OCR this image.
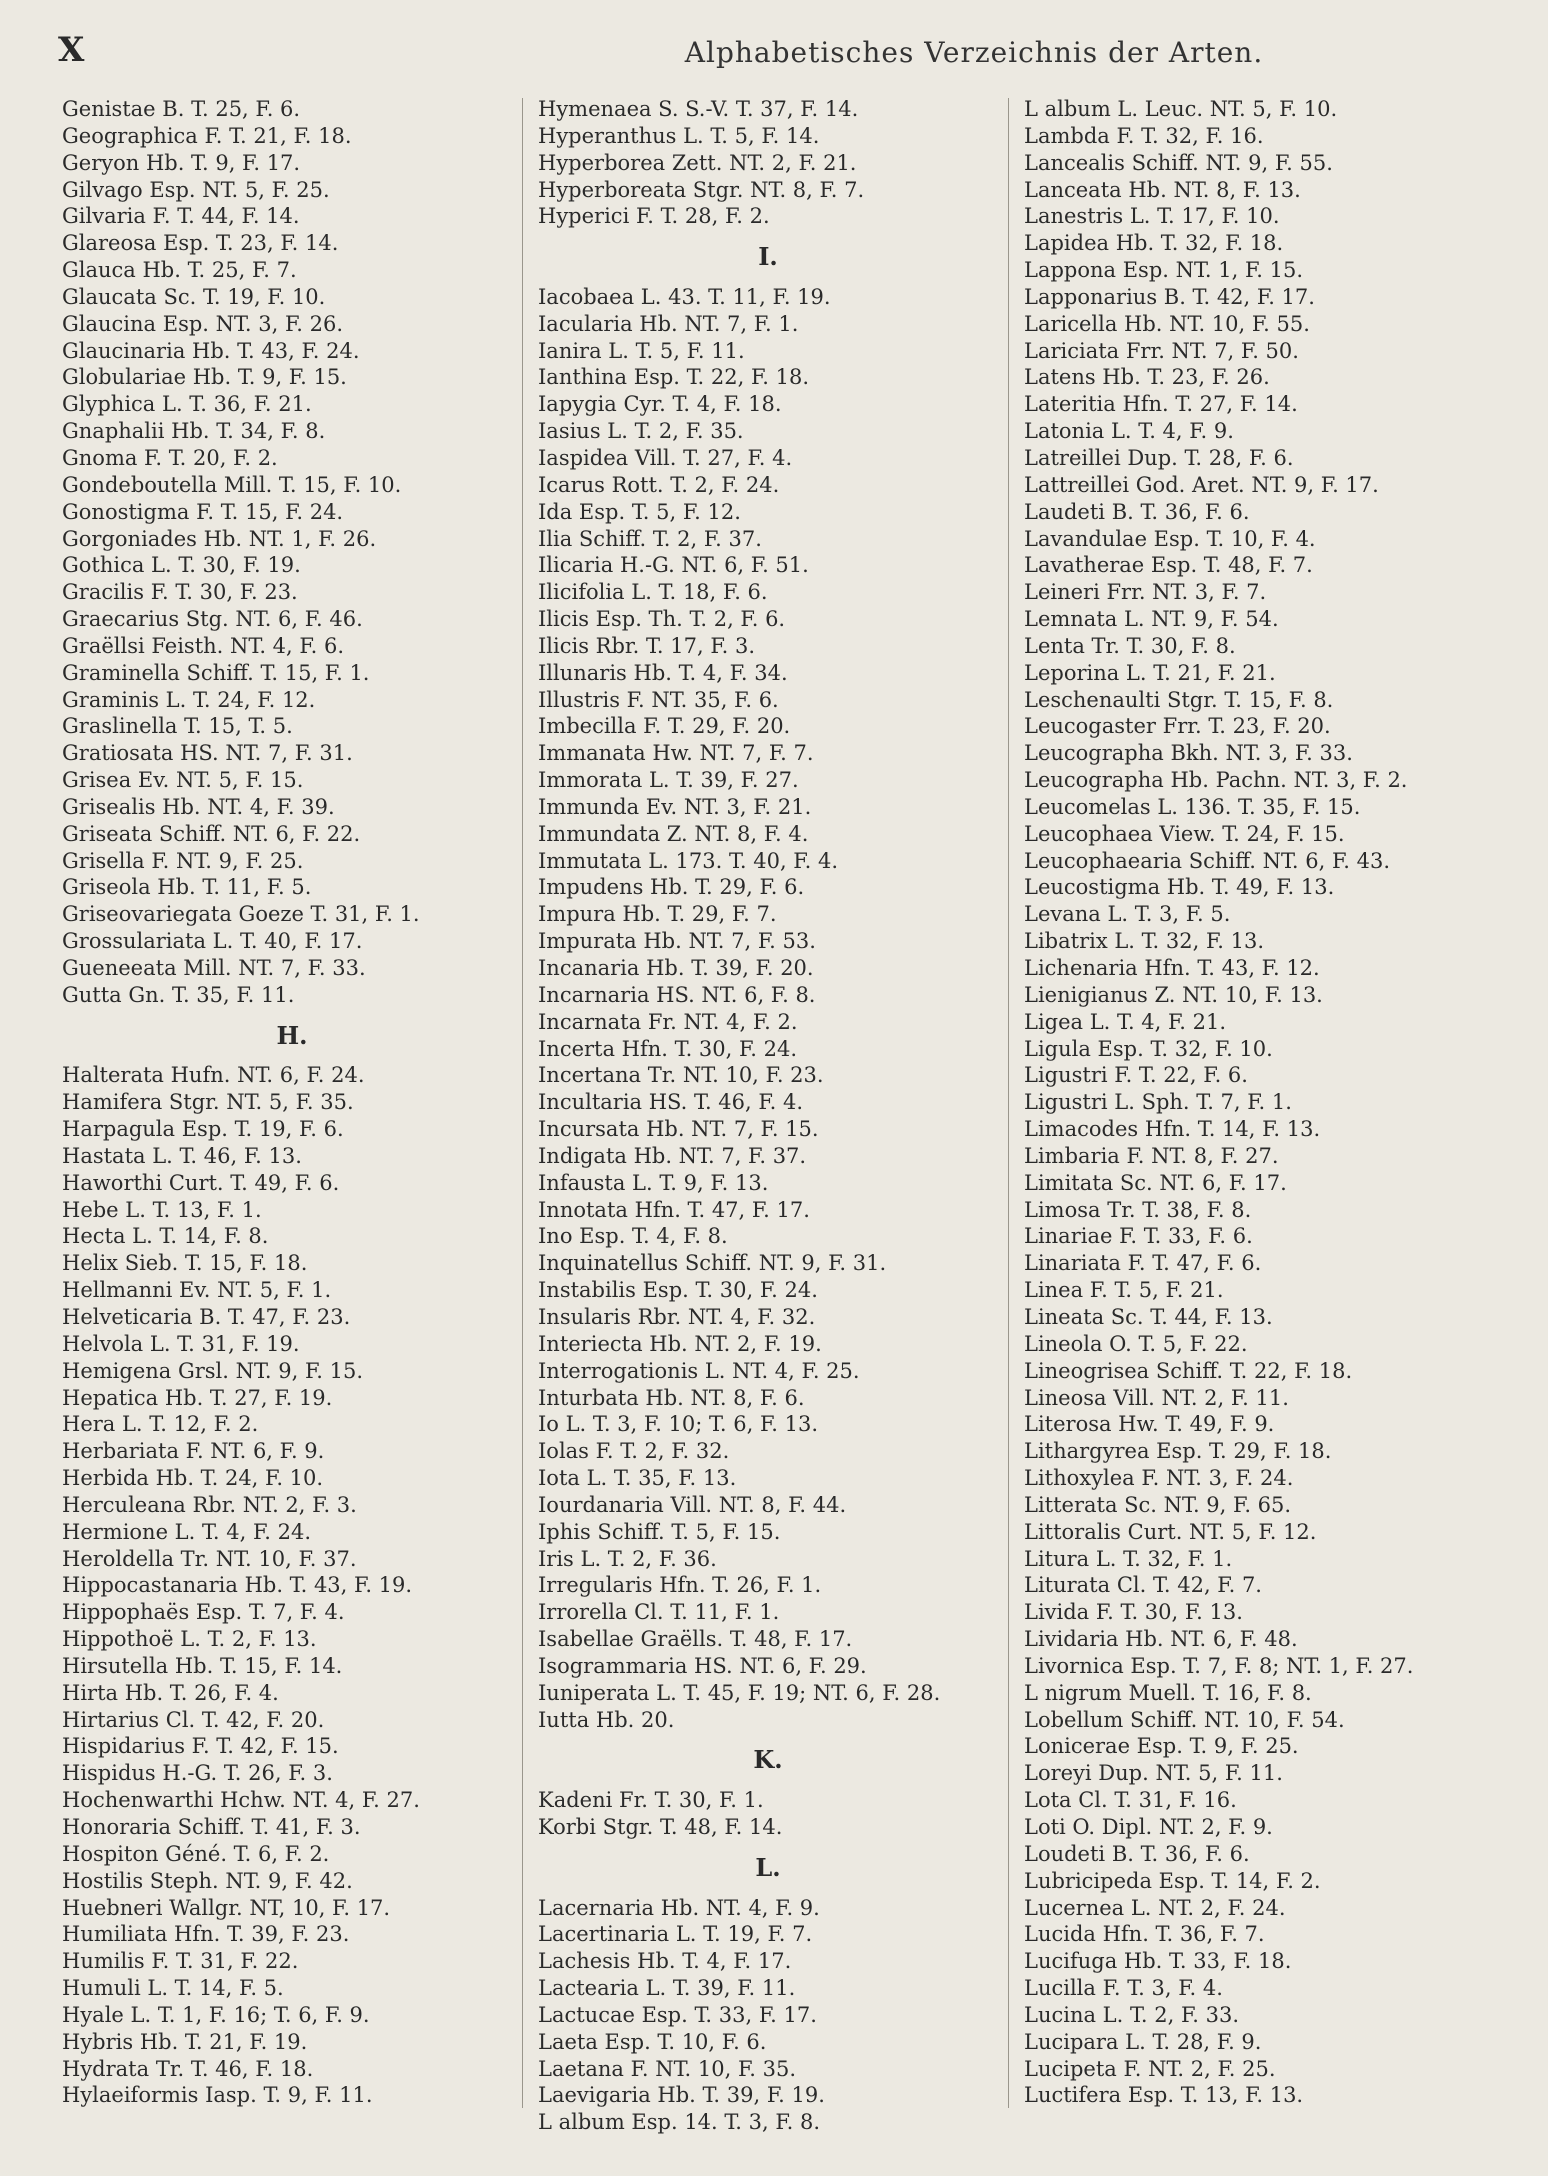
X	Alphabetisches Verzeichnis der Arten.
Genistae B. T. 25, F. 6.
Geographica F. T. 21, F. 18.
Geryon Hb. T. 9, F. 17.
Gilvago Esp. NT. 5, F. 25.
Gilvaria F. T. 44, F. 14.
Glareosa Esp. T. 23, F. 14.
Glauca Hb. T. 25, F. 7.
Glaucata Sc. T. 19, F. 10.
Glaucina Esp. NT. 3, F. 26.
Glaucinaria Hb. T. 43, F. 24.
Globulariae Hb. T. 9, F. 15.
Glyphica L. T. 36, F. 21.
Gnaphalii Hb. T. 34, F. 8.
Gnoma F. T. 20, F. 2.
Gondeboutella Mill. T. 15, F. 10.
Gonostigma F. T. 15, F. 24.
Gorgoniades Hb. NT. 1, F. 26.
Gothica L. T. 30, F. 19.
Gracilis F. T. 30, F. 23.
Graecarius Stg. NT. 6, F. 46.
Graëllsi Feisth. NT. 4, F. 6.
Graminella Schiff. T. 15, F. 1.
Graminis L. T. 24, F. 12.
Graslinella T. 15, T. 5.
Gratiosata HS. NT. 7, F. 31.
Grisea Ev. NT. 5, F. 15.
Grisealis Hb. NT. 4, F. 39.
Griseata Schiff. NT. 6, F. 22.
Grisella F. NT. 9, F. 25.
Griseola Hb. T. 11, F. 5.
Griseovariegata Goeze T. 31, F. 1.
Grossulariata L. T. 40, F. 17.
Gueneeata Mill. NT. 7, F. 33.
Gutta Gn. T. 35, F. 11.
H.
Halterata Hufn. NT. 6, F. 24.
Hamifera Stgr. NT. 5, F. 35.
Harpagula Esp. T. 19, F. 6.
Hastata L. T. 46, F. 13.
Haworthi Curt. T. 49, F. 6.
Hebe L. T. 13, F. 1.
Hecta L. T. 14, F. 8.
Helix Sieb. T. 15, F. 18.
Hellmanni Ev. NT. 5, F. 1.
Helveticaria B. T. 47, F. 23.
Helvola L. T. 31, F. 19.
Hemigena Grsl. NT. 9, F. 15.
Hepatica Hb. T. 27, F. 19.
Hera L. T. 12, F. 2.
Herbariata F. NT. 6, F. 9.
Herbida Hb. T. 24, F. 10.
Herculeana Rbr. NT. 2, F. 3.
Hermione L. T. 4, F. 24.
Heroldella Tr. NT. 10, F. 37.
Hippocastanaria Hb. T. 43, F. 19.
Hippophaës Esp. T. 7, F. 4.
Hippothoë L. T. 2, F. 13.
Hirsutella Hb. T. 15, F. 14.
Hirta Hb. T. 26, F. 4.
Hirtarius Cl. T. 42, F. 20.
Hispidarius F. T. 42, F. 15.
Hispidus H.-G. T. 26, F. 3.
Hochenwarthi Hchw. NT. 4, F. 27.
Honoraria Schiff. T. 41, F. 3.
Hospiton Géné. T. 6, F. 2.
Hostilis Steph. NT. 9, F. 42.
Huebneri Wallgr. NT, 10, F. 17.
Humiliata Hfn. T. 39, F. 23.
Humilis F. T. 31, F. 22.
Humuli L. T. 14, F. 5.
Hyale L. T. 1, F. 16; T. 6, F. 9.
Hybris Hb. T. 21, F. 19.
Hydrata Tr. T. 46, F. 18.
Hylaeiformis Iasp. T. 9, F. 11.
Hymenaea S. S.-V. T. 37, F. 14.
Hyperanthus L. T. 5, F. 14.
Hyperborea Zett. NT. 2, F. 21.
Hyperboreata Stgr. NT. 8, F. 7.
Hyperici F. T. 28, F. 2.
I.
Iacobaea L. 43. T. 11, F. 19.
Iacularia Hb. NT. 7, F. 1.
Ianira L. T. 5, F. 11.
Ianthina Esp. T. 22, F. 18.
Iapygia Cyr. T. 4, F. 18.
Iasius L. T. 2, F. 35.
Iaspidea Vill. T. 27, F. 4.
Icarus Rott. T. 2, F. 24.
Ida Esp. T. 5, F. 12.
Ilia Schiff. T. 2, F. 37.
Ilicaria H.-G. NT. 6, F. 51.
Ilicifolia L. T. 18, F. 6.
Ilicis Esp. Th. T. 2, F. 6.
Ilicis Rbr. T. 17, F. 3.
Illunaris Hb. T. 4, F. 34.
Illustris F. NT. 35, F. 6.
Imbecilla F. T. 29, F. 20.
Immanata Hw. NT. 7, F. 7.
Immorata L. T. 39, F. 27.
Immunda Ev. NT. 3, F. 21.
Immundata Z. NT. 8, F. 4.
Immutata L. 173. T. 40, F. 4.
Impudens Hb. T. 29, F. 6.
Impura Hb. T. 29, F. 7.
Impurata Hb. NT. 7, F. 53.
Incanaria Hb. T. 39, F. 20.
Incarnaria HS. NT. 6, F. 8.
Incarnata Fr. NT. 4, F. 2.
Incerta Hfn. T. 30, F. 24.
Incertana Tr. NT. 10, F. 23.
Incultaria HS. T. 46, F. 4.
Incursata Hb. NT. 7, F. 15.
Indigata Hb. NT. 7, F. 37.
Infausta L. T. 9, F. 13.
Innotata Hfn. T. 47, F. 17.
Ino Esp. T. 4, F. 8.
Inquinatellus Schiff. NT. 9, F. 31.
Instabilis Esp. T. 30, F. 24.
Insularis Rbr. NT. 4, F. 32.
Interiecta Hb. NT. 2, F. 19.
Interrogationis L. NT. 4, F. 25.
Inturbata Hb. NT. 8, F. 6.
Io L. T. 3, F. 10; T. 6, F. 13.
Iolas F. T. 2, F. 32.
Iota L. T. 35, F. 13.
Iourdanaria Vill. NT. 8, F. 44.
Iphis Schiff. T. 5, F. 15.
Iris L. T. 2, F. 36.
Irregularis Hfn. T. 26, F. 1.
Irrorella Cl. T. 11, F. 1.
Isabellae Graëlls. T. 48, F. 17.
Isogrammaria HS. NT. 6, F. 29.
Iuniperata L. T. 45, F. 19; NT. 6, F. 28.
Iutta Hb. 20.
K.
Kadeni Fr. T. 30, F. 1.
Korbi Stgr. T. 48, F. 14.
L.
Lacernaria Hb. NT. 4, F. 9.
Lacertinaria L. T. 19, F. 7.
Lachesis Hb. T. 4, F. 17.
Lactearia L. T. 39, F. 11.
Lactucae Esp. T. 33, F. 17.
Laeta Esp. T. 10, F. 6.
Laetana F. NT. 10, F. 35.
Laevigaria Hb. T. 39, F. 19.
L album Esp. 14. T. 3, F. 8.
L album L. Leuc. NT. 5, F. 10.
Lambda F. T. 32, F. 16.
Lancealis Schiff. NT. 9, F. 55.
Lanceata Hb. NT. 8, F. 13.
Lanestris L. T. 17, F. 10.
Lapidea Hb. T. 32, F. 18.
Lappona Esp. NT. 1, F. 15.
Lapponarius B. T. 42, F. 17.
Laricella Hb. NT. 10, F. 55.
Lariciata Frr. NT. 7, F. 50.
Latens Hb. T. 23, F. 26.
Lateritia Hfn. T. 27, F. 14.
Latonia L. T. 4, F. 9.
Latreillei Dup. T. 28, F. 6.
Lattreillei God. Aret. NT. 9, F. 17.
Laudeti B. T. 36, F. 6.
Lavandulae Esp. T. 10, F. 4.
Lavatherae Esp. T. 48, F. 7.
Leineri Frr. NT. 3, F. 7.
Lemnata L. NT. 9, F. 54.
Lenta Tr. T. 30, F. 8.
Leporina L. T. 21, F. 21.
Leschenaulti Stgr. T. 15, F. 8.
Leucogaster Frr. T. 23, F. 20.
Leucographa Bkh. NT. 3, F. 33.
Leucographa Hb. Pachn. NT. 3, F. 2.
Leucomelas L. 136. T. 35, F. 15.
Leucophaea View. T. 24, F. 15.
Leucophaearia Schiff. NT. 6, F. 43.
Leucostigma Hb. T. 49, F. 13.
Levana L. T. 3, F. 5.
Libatrix L. T. 32, F. 13.
Lichenaria Hfn. T. 43, F. 12.
Lienigianus Z. NT. 10, F. 13.
Ligea L. T. 4, F. 21.
Ligula Esp. T. 32, F. 10.
Ligustri F. T. 22, F. 6.
Ligustri L. Sph. T. 7, F. 1.
Limacodes Hfn. T. 14, F. 13.
Limbaria F. NT. 8, F. 27.
Limitata Sc. NT. 6, F. 17.
Limosa Tr. T. 38, F. 8.
Linariae F. T. 33, F. 6.
Linariata F. T. 47, F. 6.
Linea F. T. 5, F. 21.
Lineata Sc. T. 44, F. 13.
Lineola O. T. 5, F. 22.
Lineogrisea Schiff. T. 22, F. 18.
Lineosa Vill. NT. 2, F. 11.
Literosa Hw. T. 49, F. 9.
Lithargyrea Esp. T. 29, F. 18.
Lithoxylea F. NT. 3, F. 24.
Litterata Sc. NT. 9, F. 65.
Littoralis Curt. NT. 5, F. 12.
Litura L. T. 32, F. 1.
Liturata Cl. T. 42, F. 7.
Livida F. T. 30, F. 13.
Lividaria Hb. NT. 6, F. 48.
Livornica Esp. T. 7, F. 8; NT. 1, F. 27.
L nigrum Muell. T. 16, F. 8.
Lobellum Schiff. NT. 10, F. 54.
Lonicerae Esp. T. 9, F. 25.
Loreyi Dup. NT. 5, F. 11.
Lota Cl. T. 31, F. 16.
Loti O. Dipl. NT. 2, F. 9.
Loudeti B. T. 36, F. 6.
Lubricipeda Esp. T. 14, F. 2.
Lucernea L. NT. 2, F. 24.
Lucida Hfn. T. 36, F. 7.
Lucifuga Hb. T. 33, F. 18.
Lucilla F. T. 3, F. 4.
Lucina L. T. 2, F. 33.
Lucipara L. T. 28, F. 9.
Lucipeta F. NT. 2, F. 25.
Luctifera Esp. T. 13, F. 13.
